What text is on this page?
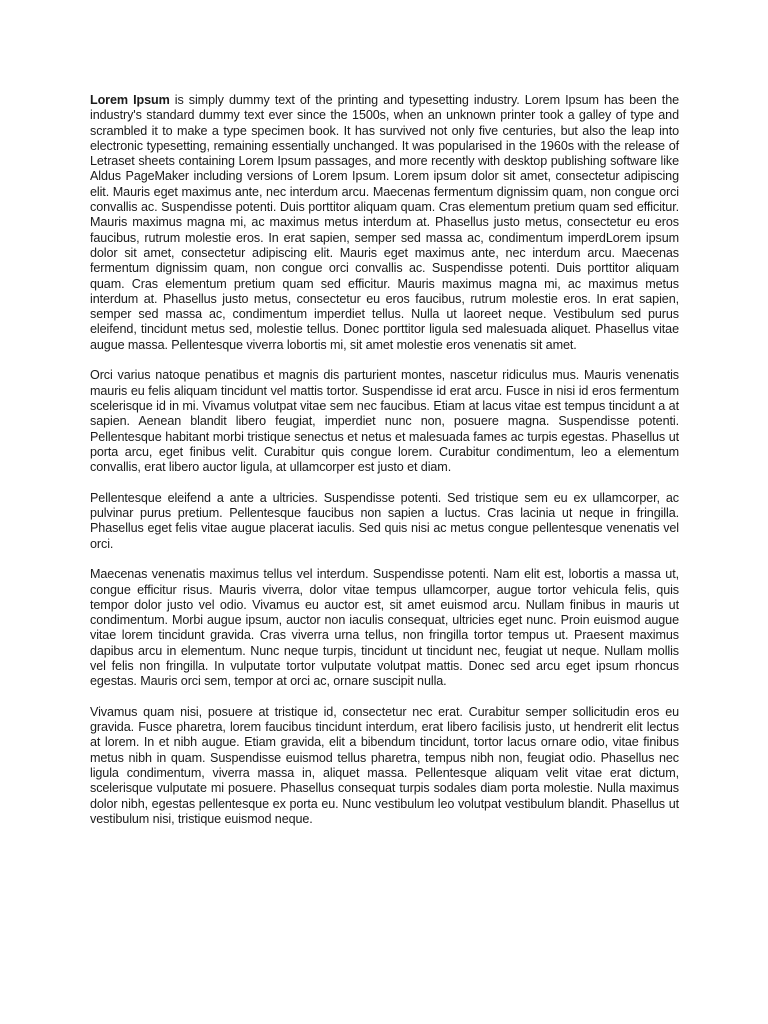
Lorem Ipsum is simply dummy text of the printing and typesetting industry. Lorem Ipsum has been the industry's standard dummy text ever since the 1500s, when an unknown printer took a galley of type and scrambled it to make a type specimen book. It has survived not only five centuries, but also the leap into electronic typesetting, remaining essentially unchanged. It was popularised in the 1960s with the release of Letraset sheets containing Lorem Ipsum passages, and more recently with desktop publishing software like Aldus PageMaker including versions of Lorem Ipsum. Lorem ipsum dolor sit amet, consectetur adipiscing elit. Mauris eget maximus ante, nec interdum arcu. Maecenas fermentum dignissim quam, non congue orci convallis ac. Suspendisse potenti. Duis porttitor aliquam quam. Cras elementum pretium quam sed efficitur. Mauris maximus magna mi, ac maximus metus interdum at. Phasellus justo metus, consectetur eu eros faucibus, rutrum molestie eros. In erat sapien, semper sed massa ac, condimentum imperdLorem ipsum dolor sit amet, consectetur adipiscing elit. Mauris eget maximus ante, nec interdum arcu. Maecenas fermentum dignissim quam, non congue orci convallis ac. Suspendisse potenti. Duis porttitor aliquam quam. Cras elementum pretium quam sed efficitur. Mauris maximus magna mi, ac maximus metus interdum at. Phasellus justo metus, consectetur eu eros faucibus, rutrum molestie eros. In erat sapien, semper sed massa ac, condimentum imperdiet tellus. Nulla ut laoreet neque. Vestibulum sed purus eleifend, tincidunt metus sed, molestie tellus. Donec porttitor ligula sed malesuada aliquet. Phasellus vitae augue massa. Pellentesque viverra lobortis mi, sit amet molestie eros venenatis sit amet.

Orci varius natoque penatibus et magnis dis parturient montes, nascetur ridiculus mus. Mauris venenatis mauris eu felis aliquam tincidunt vel mattis tortor. Suspendisse id erat arcu. Fusce in nisi id eros fermentum scelerisque id in mi. Vivamus volutpat vitae sem nec faucibus. Etiam at lacus vitae est tempus tincidunt a at sapien. Aenean blandit libero feugiat, imperdiet nunc non, posuere magna. Suspendisse potenti. Pellentesque habitant morbi tristique senectus et netus et malesuada fames ac turpis egestas. Phasellus ut porta arcu, eget finibus velit. Curabitur quis congue lorem. Curabitur condimentum, leo a elementum convallis, erat libero auctor ligula, at ullamcorper est justo et diam.

Pellentesque eleifend a ante a ultricies. Suspendisse potenti. Sed tristique sem eu ex ullamcorper, ac pulvinar purus pretium. Pellentesque faucibus non sapien a luctus. Cras lacinia ut neque in fringilla. Phasellus eget felis vitae augue placerat iaculis. Sed quis nisi ac metus congue pellentesque venenatis vel orci.

Maecenas venenatis maximus tellus vel interdum. Suspendisse potenti. Nam elit est, lobortis a massa ut, congue efficitur risus. Mauris viverra, dolor vitae tempus ullamcorper, augue tortor vehicula felis, quis tempor dolor justo vel odio. Vivamus eu auctor est, sit amet euismod arcu. Nullam finibus in mauris ut condimentum. Morbi augue ipsum, auctor non iaculis consequat, ultricies eget nunc. Proin euismod augue vitae lorem tincidunt gravida. Cras viverra urna tellus, non fringilla tortor tempus ut. Praesent maximus dapibus arcu in elementum. Nunc neque turpis, tincidunt ut tincidunt nec, feugiat ut neque. Nullam mollis vel felis non fringilla. In vulputate tortor vulputate volutpat mattis. Donec sed arcu eget ipsum rhoncus egestas. Mauris orci sem, tempor at orci ac, ornare suscipit nulla.

Vivamus quam nisi, posuere at tristique id, consectetur nec erat. Curabitur semper sollicitudin eros eu gravida. Fusce pharetra, lorem faucibus tincidunt interdum, erat libero facilisis justo, ut hendrerit elit lectus at lorem. In et nibh augue. Etiam gravida, elit a bibendum tincidunt, tortor lacus ornare odio, vitae finibus metus nibh in quam. Suspendisse euismod tellus pharetra, tempus nibh non, feugiat odio. Phasellus nec ligula condimentum, viverra massa in, aliquet massa. Pellentesque aliquam velit vitae erat dictum, scelerisque vulputate mi posuere. Phasellus consequat turpis sodales diam porta molestie. Nulla maximus dolor nibh, egestas pellentesque ex porta eu. Nunc vestibulum leo volutpat vestibulum blandit. Phasellus ut vestibulum nisi, tristique euismod neque.
